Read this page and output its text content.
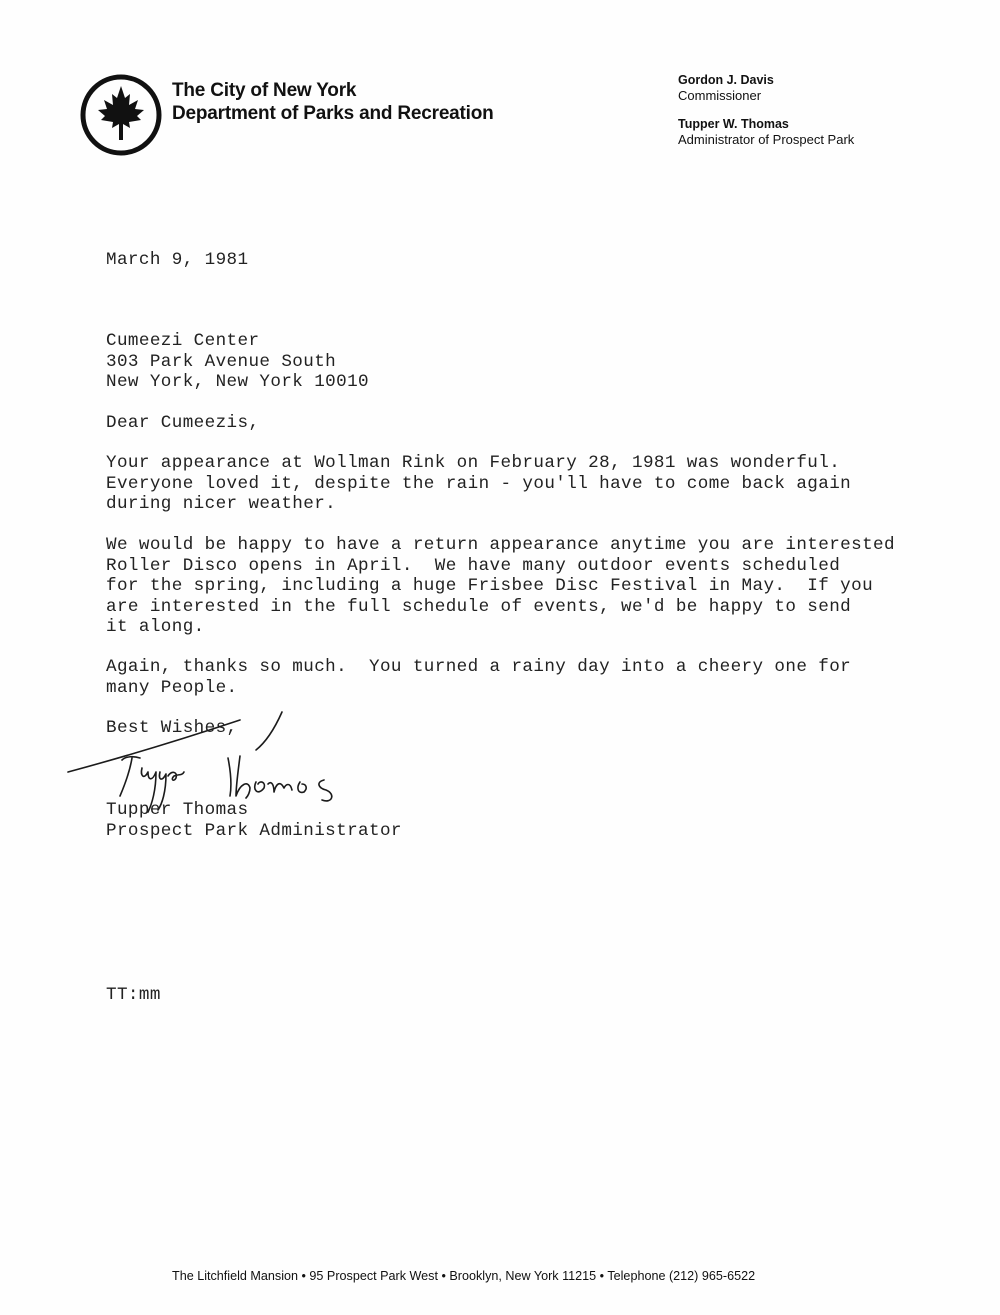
The City of New York
Department of Parks and Recreation
Gordon J. Davis
Commissioner
Tupper W. Thomas
Administrator of Prospect Park
March 9, 1981
Cumeezi Center
303 Park Avenue South
New York, New York 10010
Dear Cumeezis,
Your appearance at Wollman Rink on February 28, 1981 was wonderful.
Everyone loved it, despite the rain - you'll have to come back again
during nicer weather.
We would be happy to have a return appearance anytime you are interested
Roller Disco opens in April.  We have many outdoor events scheduled
for the spring, including a huge Frisbee Disc Festival in May.  If you
are interested in the full schedule of events, we'd be happy to send
it along.
Again, thanks so much.  You turned a rainy day into a cheery one for
many People.
Best Wishes,
Tupper Thomas
Prospect Park Administrator
TT:mm
The Litchfield Mansion • 95 Prospect Park West • Brooklyn, New York 11215 • Telephone (212) 965-6522
